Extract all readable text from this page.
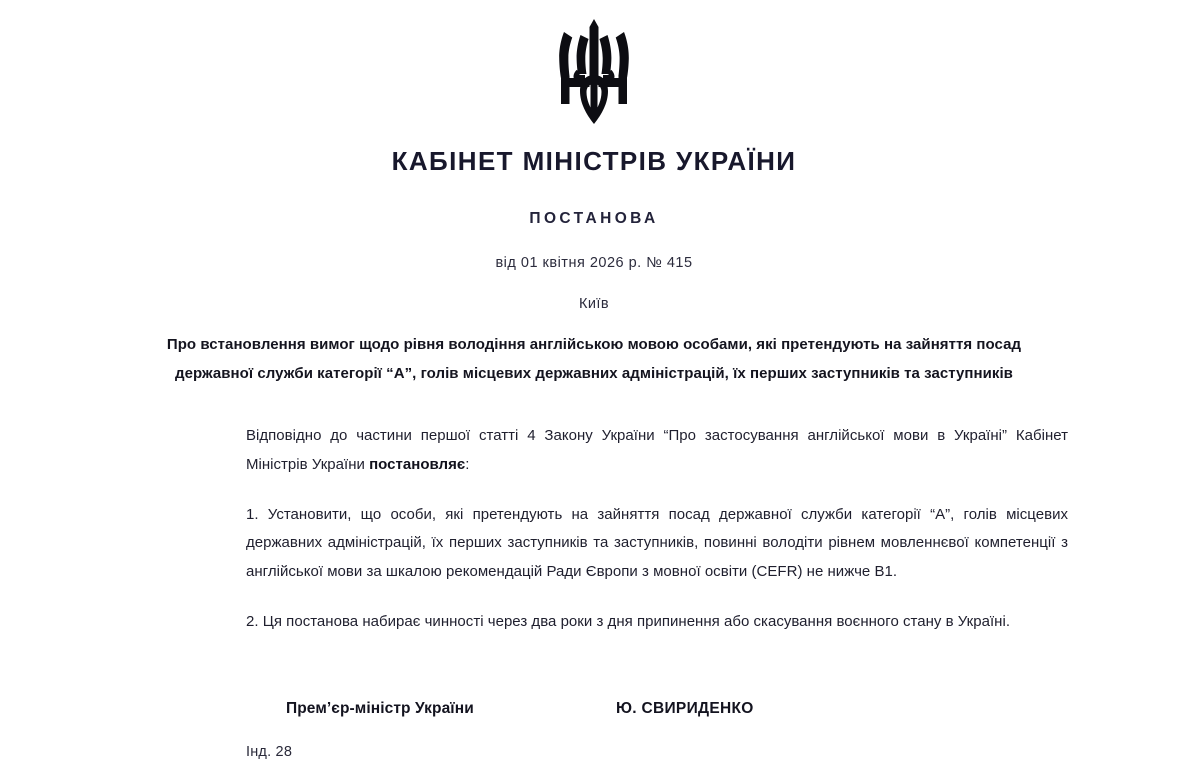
КАБІНЕТ МІНІСТРІВ УКРАЇНИ

ПОСТАНОВА

від 01 квітня 2026 р. № 415

Київ

Про встановлення вимог щодо рівня володіння англійською мовою особами, які претендують на зайняття посад державної служби категорії “А”, голів місцевих державних адміністрацій, їх перших заступників та заступників

Відповідно до частини першої статті 4 Закону України “Про застосування англійської мови в Україні” Кабінет Міністрів України постановляє:

1. Установити, що особи, які претендують на зайняття посад державної служби категорії “А”, голів місцевих державних адміністрацій, їх перших заступників та заступників, повинні володіти рівнем мовленнєвої компетенції з англійської мови за шкалою рекомендацій Ради Європи з мовної освіти (CEFR) не нижче В1.

2. Ця постанова набирає чинності через два роки з дня припинення або скасування воєнного стану в Україні.

Прем’єр-міністр України	Ю. СВИРИДЕНКО
Інд. 28
